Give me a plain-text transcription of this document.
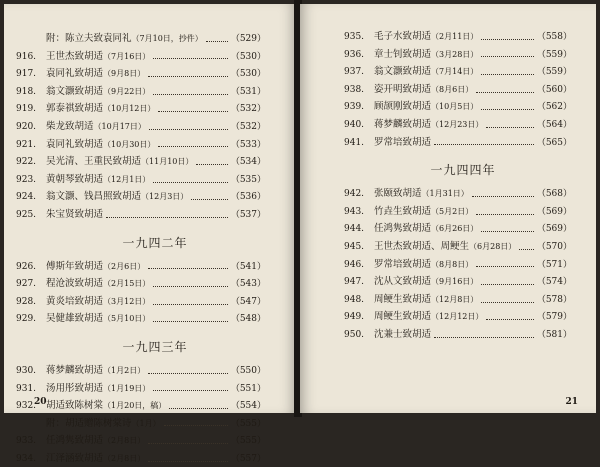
附：陈立夫致袁同礼（7月10日，抄件）	（529）
916.	王世杰致胡适（7月16日）	（530）
917.	袁同礼致胡适（9月8日）	（530）
918.	翁文灏致胡适（9月22日）	（531）
919.	郭泰祺致胡适（10月12日）	（532）
920.	柴龙致胡适（10月17日）	（532）
921.	袁同礼致胡适（10月30日）	（533）
922.	吴光清、王重民致胡适（11月10日）	（534）
923.	黄朝琴致胡适（12月1日）	（535）
924.	翁文灏、钱昌照致胡适（12月3日）	（536）
925.	朱宝贤致胡适	（537）
一九四二年
926.	傅斯年致胡适（2月6日）	（541）
927.	程沧波致胡适（2月15日）	（543）
928.	黄炎培致胡适（3月12日）	（547）
929.	吴健雄致胡适（5月10日）	（548）
一九四三年
930.	蒋梦麟致胡适（1月2日）	（550）
931.	汤用彤致胡适（1月19日）	（551）
932.	胡适致陈树棠（1月20日，稿）	（554）
附：胡适赠陈树棠诗（1月）	（555）
933.	任鸿隽致胡适（2月8日）	（555）
934.	江泽涵致胡适（2月8日）	（557）
20
935.	毛子水致胡适（2月11日）	（558）
936.	章士钊致胡适（3月28日）	（559）
937.	翁文灏致胡适（7月14日）	（559）
938.	姿开明致胡适（8月6日）	（560）
939.	顾颉刚致胡适（10月5日）	（562）
940.	蒋梦麟致胡适（12月23日）	（564）
941.	罗常培致胡适	（565）
一九四四年
942.	张颐致胡适（1月31日）	（568）
943.	竹垚生致胡适（5月2日）	（569）
944.	任鸿隽致胡适（6月26日）	（569）
945.	王世杰致胡适、周鲠生（6月28日） （570）
946.	罗常培致胡适（8月8日）	（571）
947.	沈从文致胡适（9月16日）	（574）
948.	周鲠生致胡适（12月8日）	（578）
949.	周鲠生致胡适（12月12日）	（579）
950.	沈兼士致胡适	（581）
21
